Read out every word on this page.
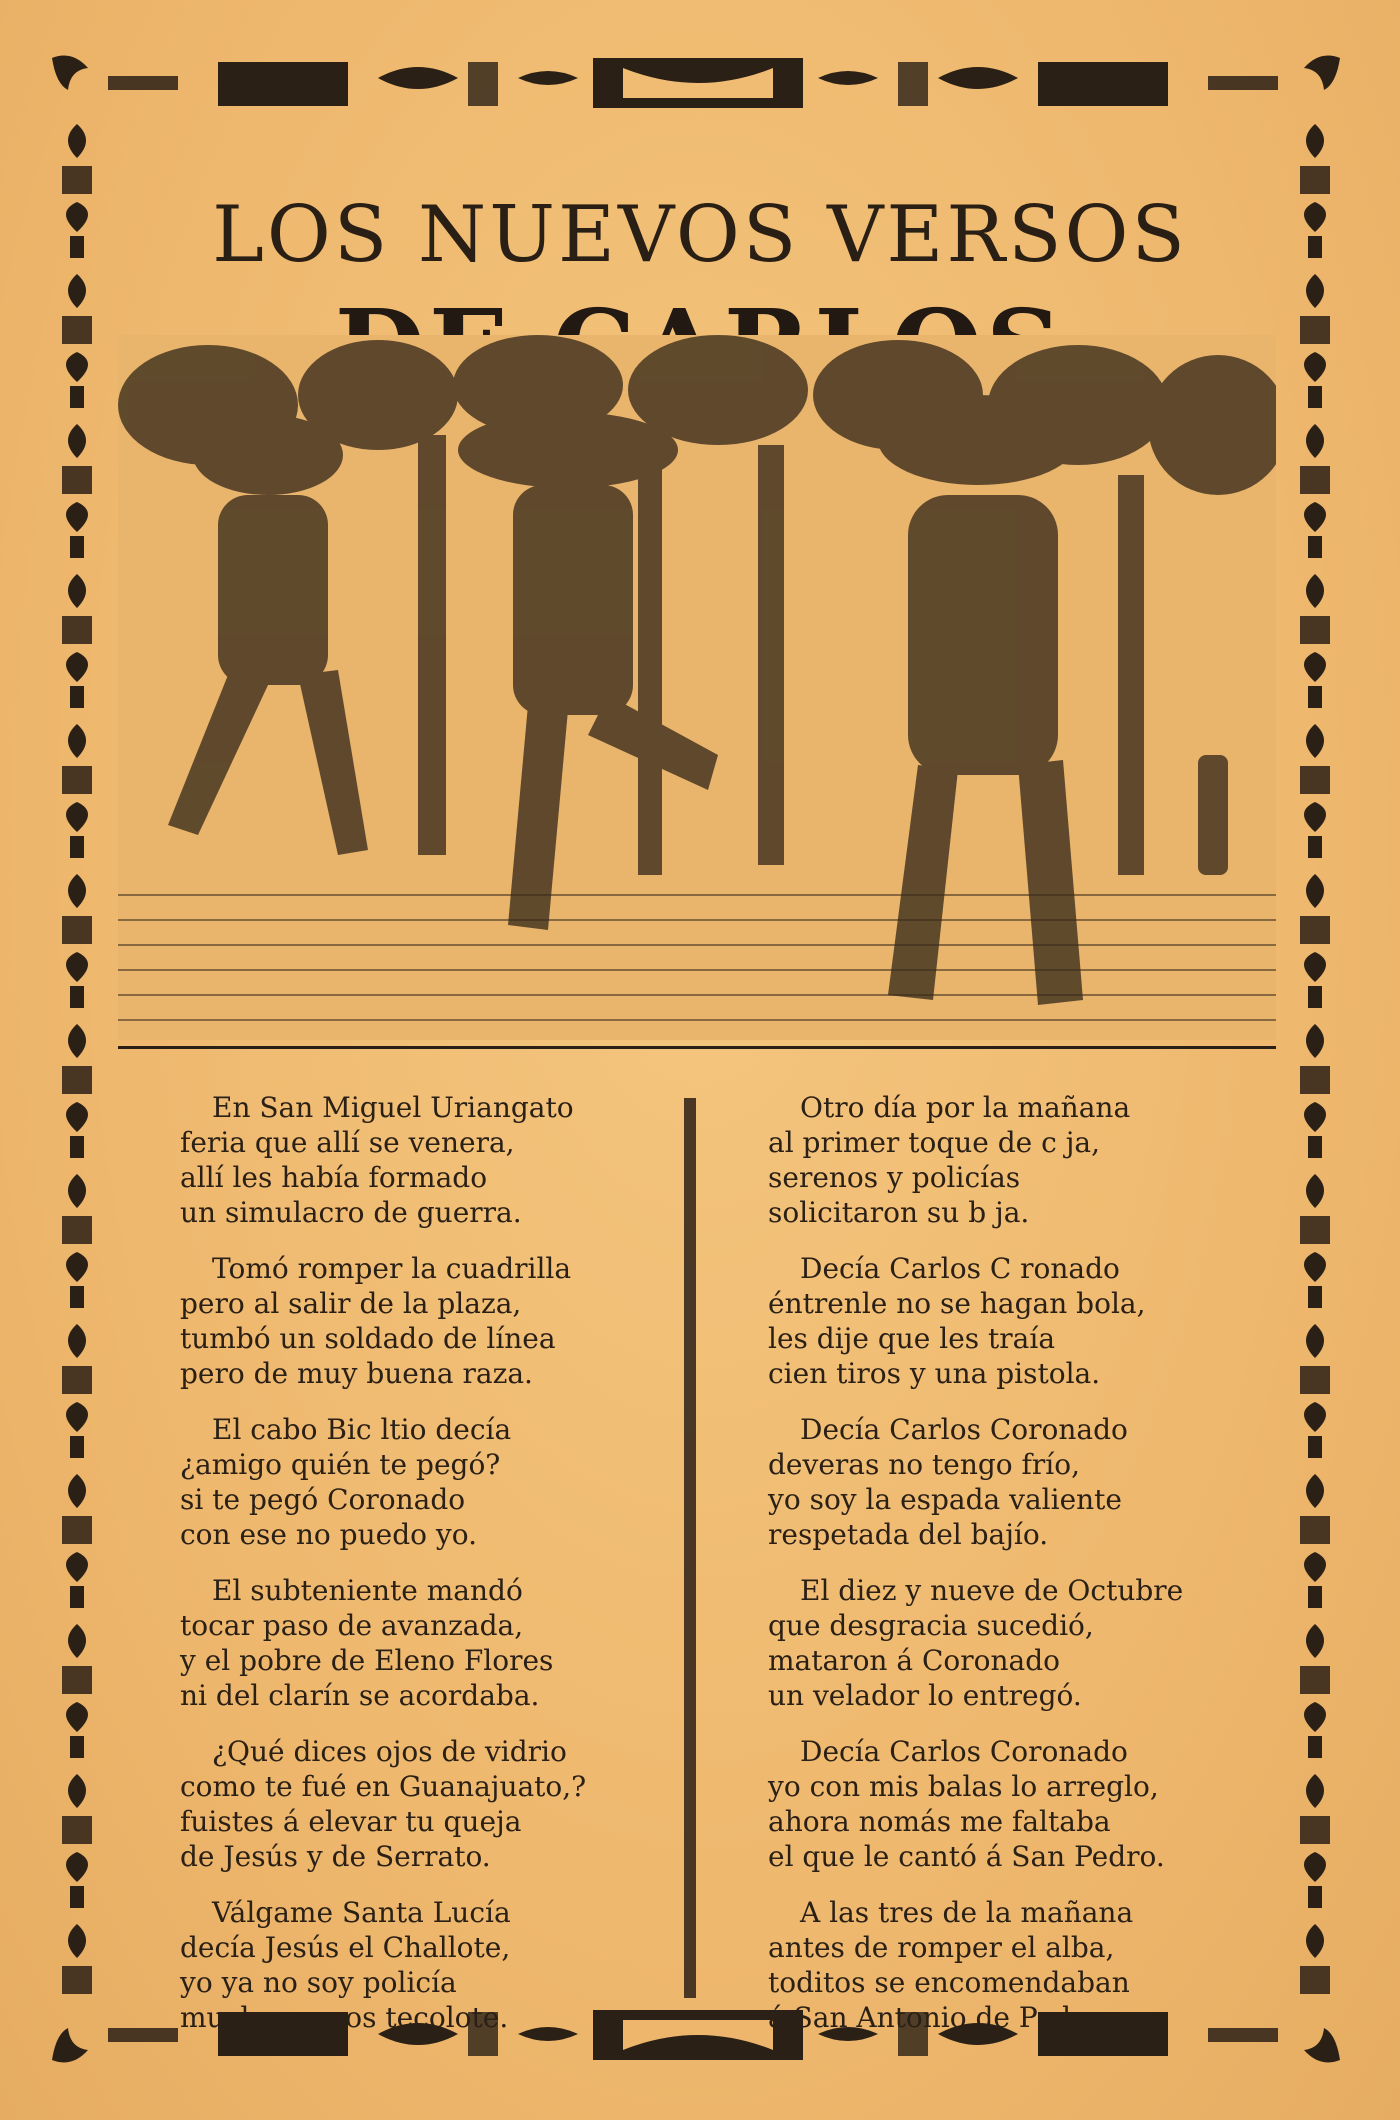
LOS NUEVOS VERSOS
En San Miguel Uriangato
feria que allí se venera,
allí les había formado
un simulacro de guerra.
Tomó romper la cuadrilla
pero al salir de la plaza,
tumbó un soldado de línea
pero de muy buena raza.
El cabo Bic ltio decía
¿amigo quién te pegó?
si te pegó Coronado
con ese no puedo yo.
El subteniente mandó
tocar paso de avanzada,
y el pobre de Eleno Flores
ni del clarín se acordaba.
¿Qué dices ojos de vidrio
como te fué en Guanajuato,?
fuistes á elevar tu queja
de Jesús y de Serrato.
Válgame Santa Lucía
decía Jesús el Challote,
yo ya no soy policía
mucho menos tecolote.
Otro día por la mañana
al primer toque de c ja,
serenos y policías
solicitaron su b ja.
Decía Carlos C ronado
éntrenle no se hagan bola,
les dije que les traía
cien tiros y una pistola.
Decía Carlos Coronado
deveras no tengo frío,
yo soy la espada valiente
respetada del bajío.
El diez y nueve de Octubre
que desgracia sucedió,
mataron á Coronado
un velador lo entregó.
Decía Carlos Coronado
yo con mis balas lo arreglo,
ahora nomás me faltaba
el que le cantó á San Pedro.
A las tres de la mañana
antes de romper el alba,
toditos se encomendaban
á San Antonio de Padua.
